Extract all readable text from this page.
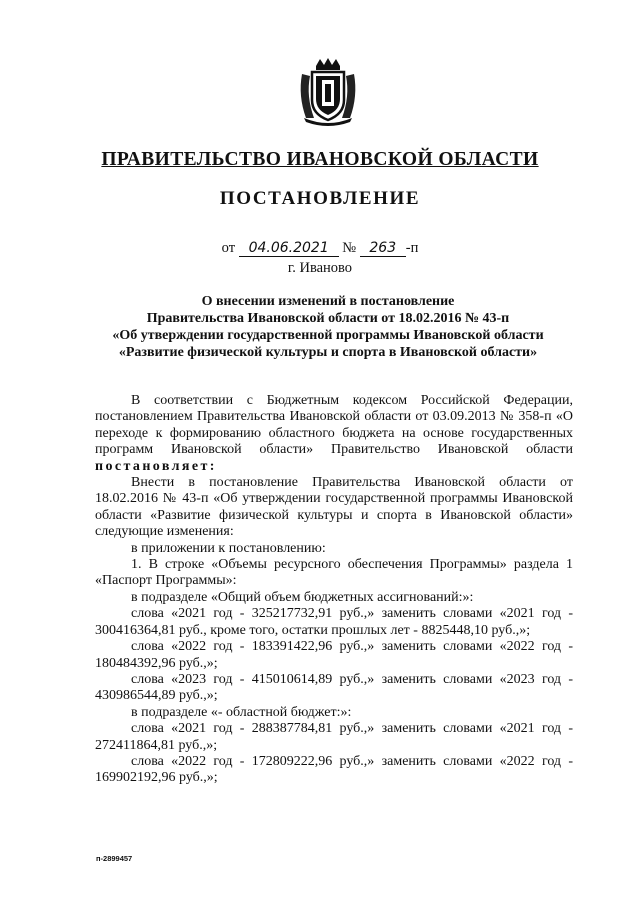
ПРАВИТЕЛЬСТВО ИВАНОВСКОЙ ОБЛАСТИ
ПОСТАНОВЛЕНИЕ
от 04.06.2021 № 263 -п
г. Иваново
О внесении изменений в постановление
Правительства Ивановской области от 18.02.2016 № 43-п
«Об утверждении государственной программы Ивановской области
«Развитие физической культуры и спорта в Ивановской области»

В соответствии с Бюджетным кодексом Российской Федерации, постановлением Правительства Ивановской области от 03.09.2013 № 358-п «О переходе к формированию областного бюджета на основе государственных программ Ивановской области» Правительство Ивановской области постановляет:

Внести в постановление Правительства Ивановской области от 18.02.2016 № 43-п «Об утверждении государственной программы Ивановской области «Развитие физической культуры и спорта в Ивановской области» следующие изменения:

в приложении к постановлению:

1. В строке «Объемы ресурсного обеспечения Программы» раздела 1 «Паспорт Программы»:

в подразделе «Общий объем бюджетных ассигнований:»:

слова «2021 год - 325217732,91 руб.,» заменить словами «2021 год - 300416364,81 руб., кроме того, остатки прошлых лет - 8825448,10 руб.,»;

слова «2022 год - 183391422,96 руб.,» заменить словами «2022 год - 180484392,96 руб.,»;

слова «2023 год - 415010614,89 руб.,» заменить словами «2023 год - 430986544,89 руб.,»;

в подразделе «- областной бюджет:»:

слова «2021 год - 288387784,81 руб.,» заменить словами «2021 год - 272411864,81 руб.,»;

слова «2022 год - 172809222,96 руб.,» заменить словами «2022 год - 169902192,96 руб.,»;

п-2899457
